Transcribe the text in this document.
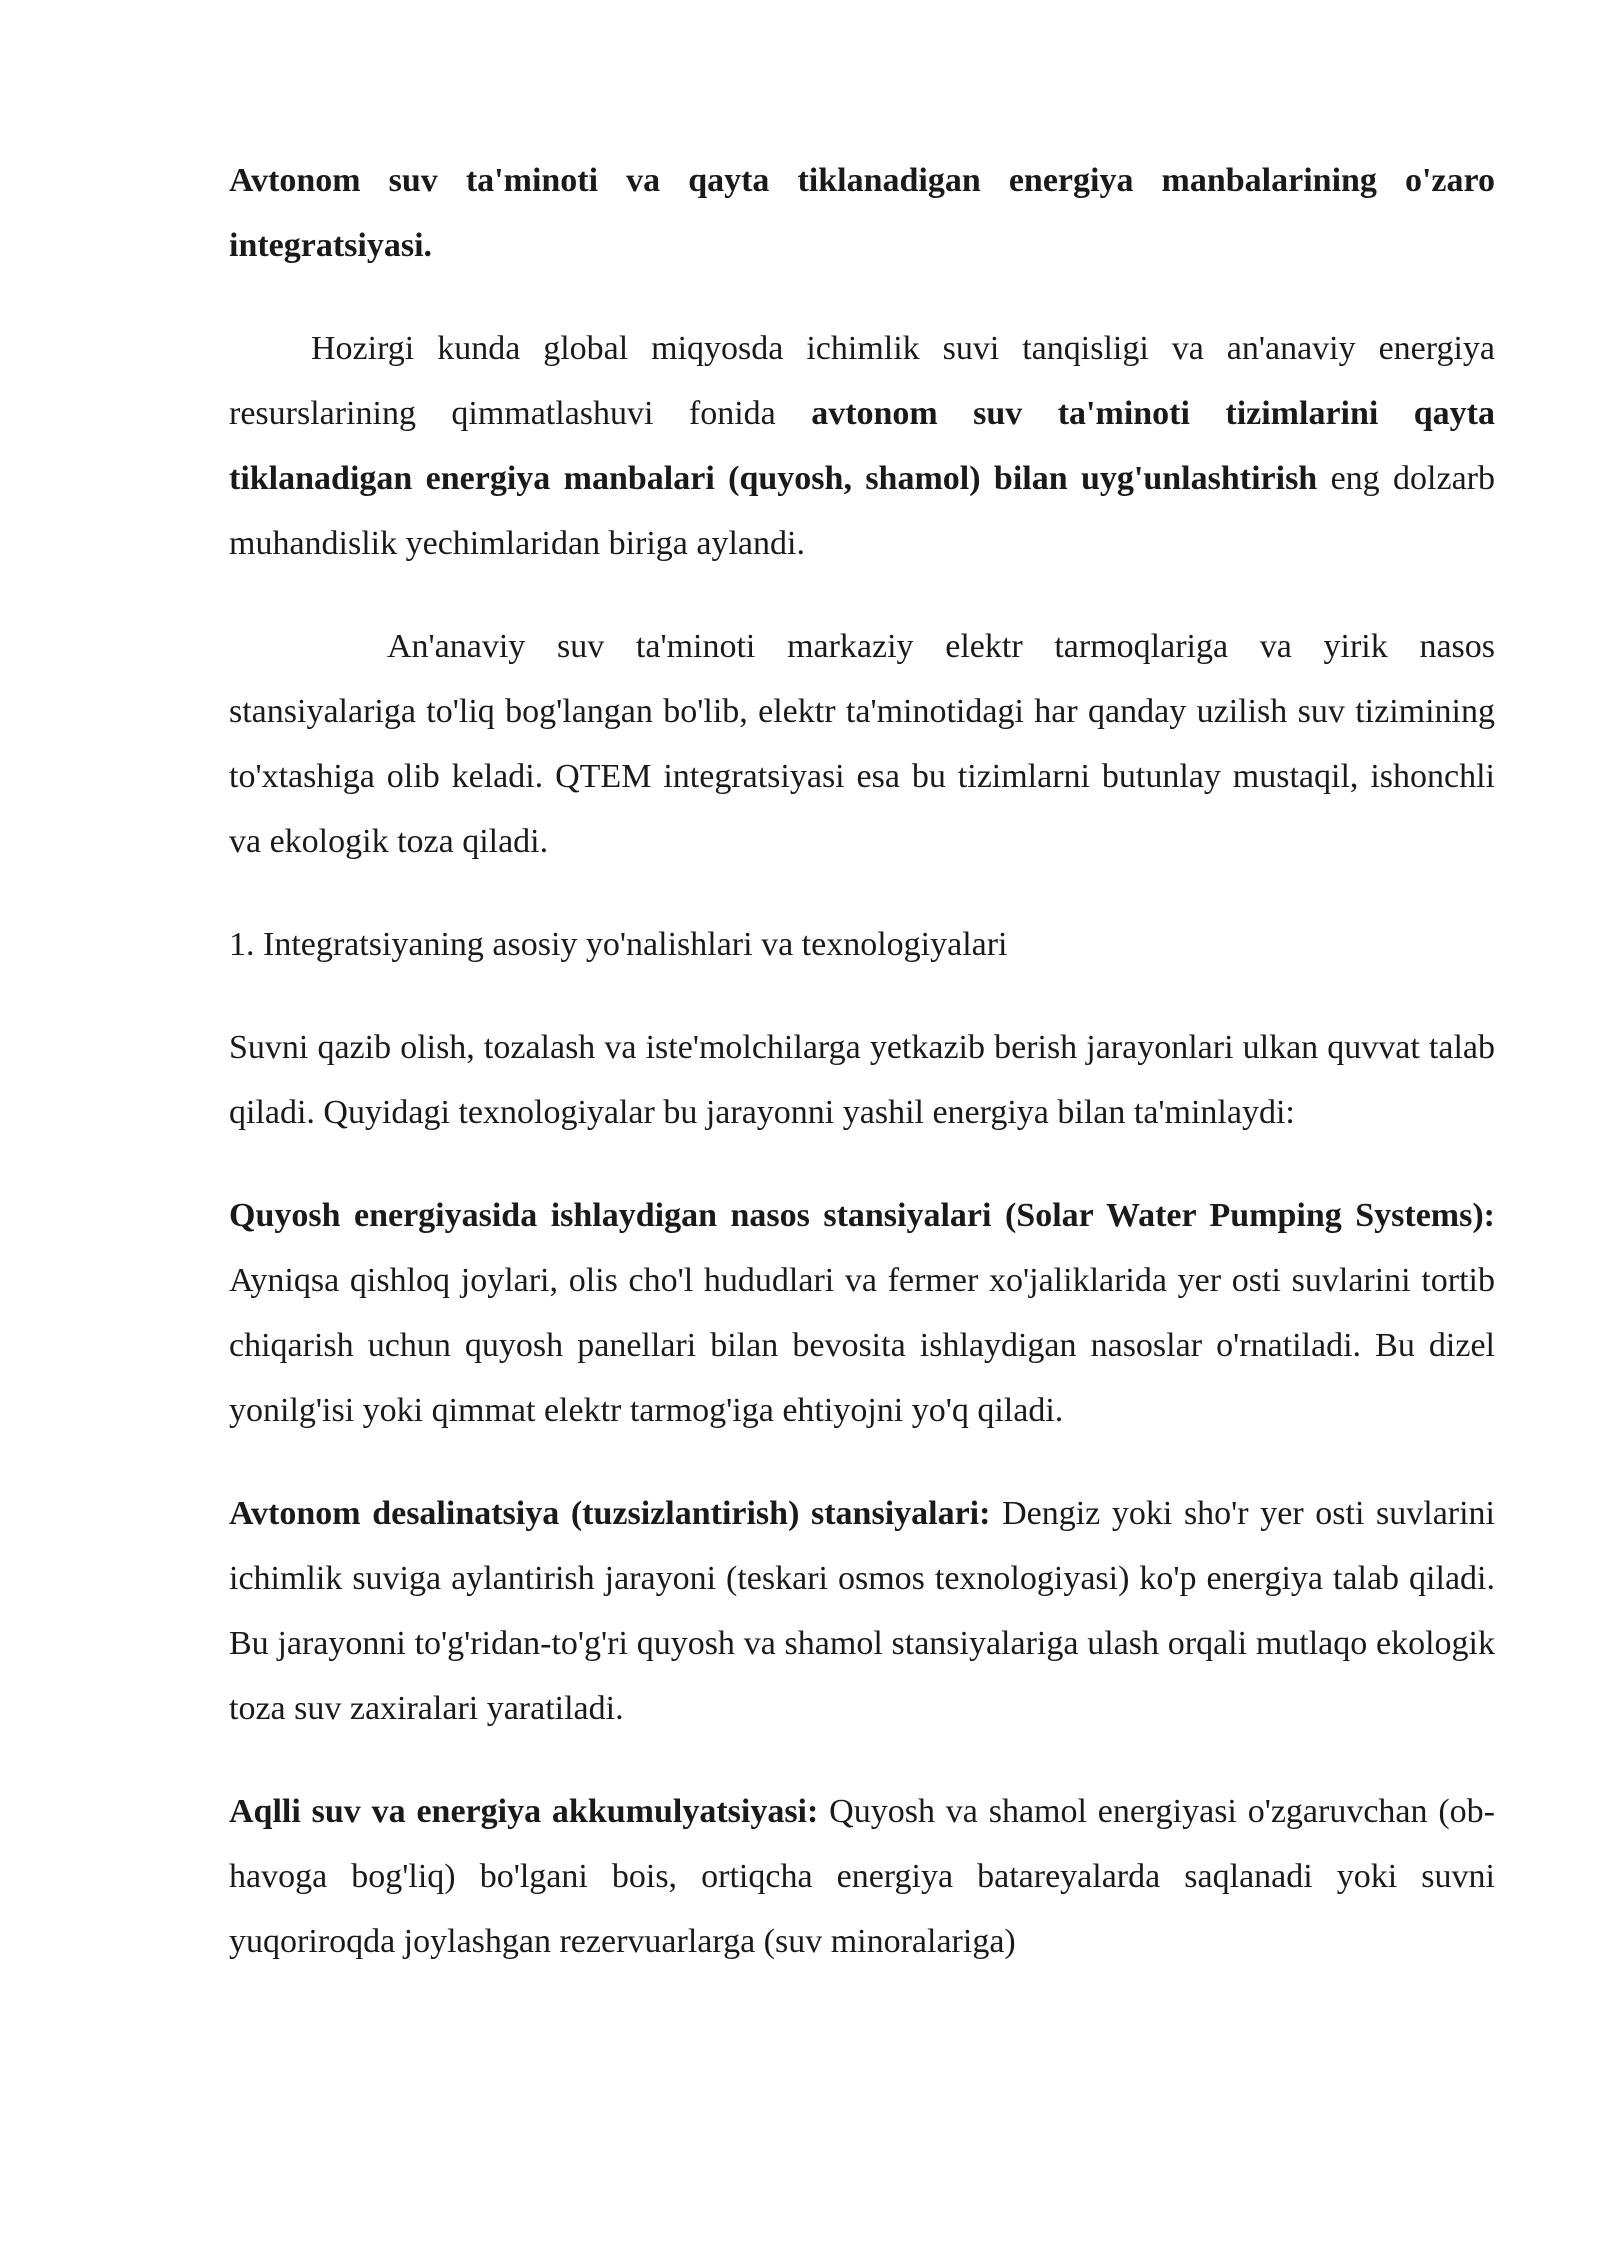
Avtonom suv ta'minoti va qayta tiklanadigan energiya manbalarining o'zaro integratsiyasi.

Hozirgi kunda global miqyosda ichimlik suvi tanqisligi va an'anaviy energiya resurslarining qimmatlashuvi fonida avtonom suv ta'minoti tizimlarini qayta tiklanadigan energiya manbalari (quyosh, shamol) bilan uyg'unlashtirish eng dolzarb muhandislik yechimlaridan biriga aylandi.

An'anaviy suv ta'minoti markaziy elektr tarmoqlariga va yirik nasos stansiyalariga to'liq bog'langan bo'lib, elektr ta'minotidagi har qanday uzilish suv tizimining to'xtashiga olib keladi. QTEM integratsiyasi esa bu tizimlarni butunlay mustaqil, ishonchli va ekologik toza qiladi.

1. Integratsiyaning asosiy yo'nalishlari va texnologiyalari

Suvni qazib olish, tozalash va iste'molchilarga yetkazib berish jarayonlari ulkan quvvat talab qiladi. Quyidagi texnologiyalar bu jarayonni yashil energiya bilan ta'minlaydi:

Quyosh energiyasida ishlaydigan nasos stansiyalari (Solar Water Pumping Systems): Ayniqsa qishloq joylari, olis cho'l hududlari va fermer xo'jaliklarida yer osti suvlarini tortib chiqarish uchun quyosh panellari bilan bevosita ishlaydigan nasoslar o'rnatiladi. Bu dizel yonilg'isi yoki qimmat elektr tarmog'iga ehtiyojni yo'q qiladi.

Avtonom desalinatsiya (tuzsizlantirish) stansiyalari: Dengiz yoki sho'r yer osti suvlarini ichimlik suviga aylantirish jarayoni (teskari osmos texnologiyasi) ko'p energiya talab qiladi. Bu jarayonni to'g'ridan-to'g'ri quyosh va shamol stansiyalariga ulash orqali mutlaqo ekologik toza suv zaxiralari yaratiladi.

Aqlli suv va energiya akkumulyatsiyasi: Quyosh va shamol energiyasi o'zgaruvchan (ob-havoga bog'liq) bo'lgani bois, ortiqcha energiya batareyalarda saqlanadi yoki suvni yuqoriroqda joylashgan rezervuarlarga (suv minoralariga)
